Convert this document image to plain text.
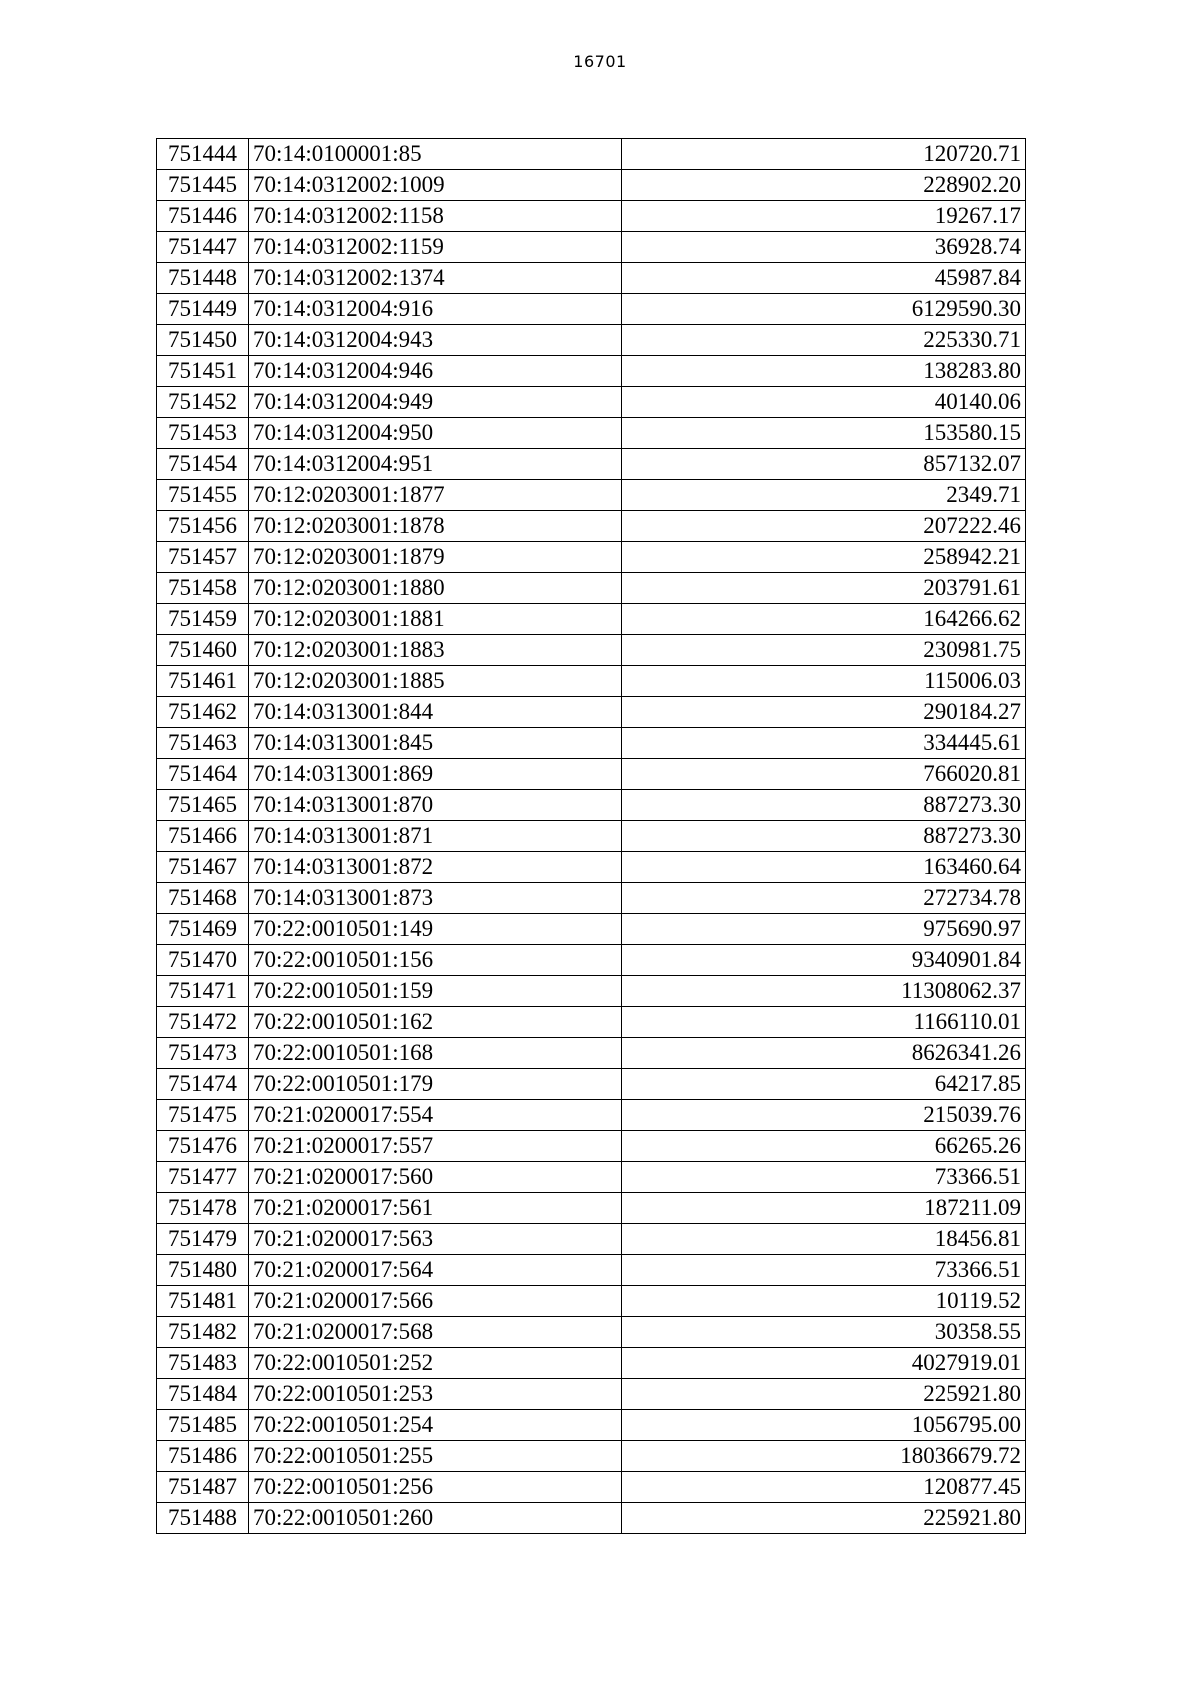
16701
751444	70:14:0100001:85	120720.71
751445	70:14:0312002:1009	228902.20
751446	70:14:0312002:1158	19267.17
751447	70:14:0312002:1159	36928.74
751448	70:14:0312002:1374	45987.84
751449	70:14:0312004:916	6129590.30
751450	70:14:0312004:943	225330.71
751451	70:14:0312004:946	138283.80
751452	70:14:0312004:949	40140.06
751453	70:14:0312004:950	153580.15
751454	70:14:0312004:951	857132.07
751455	70:12:0203001:1877	2349.71
751456	70:12:0203001:1878	207222.46
751457	70:12:0203001:1879	258942.21
751458	70:12:0203001:1880	203791.61
751459	70:12:0203001:1881	164266.62
751460	70:12:0203001:1883	230981.75
751461	70:12:0203001:1885	115006.03
751462	70:14:0313001:844	290184.27
751463	70:14:0313001:845	334445.61
751464	70:14:0313001:869	766020.81
751465	70:14:0313001:870	887273.30
751466	70:14:0313001:871	887273.30
751467	70:14:0313001:872	163460.64
751468	70:14:0313001:873	272734.78
751469	70:22:0010501:149	975690.97
751470	70:22:0010501:156	9340901.84
751471	70:22:0010501:159	11308062.37
751472	70:22:0010501:162	1166110.01
751473	70:22:0010501:168	8626341.26
751474	70:22:0010501:179	64217.85
751475	70:21:0200017:554	215039.76
751476	70:21:0200017:557	66265.26
751477	70:21:0200017:560	73366.51
751478	70:21:0200017:561	187211.09
751479	70:21:0200017:563	18456.81
751480	70:21:0200017:564	73366.51
751481	70:21:0200017:566	10119.52
751482	70:21:0200017:568	30358.55
751483	70:22:0010501:252	4027919.01
751484	70:22:0010501:253	225921.80
751485	70:22:0010501:254	1056795.00
751486	70:22:0010501:255	18036679.72
751487	70:22:0010501:256	120877.45
751488	70:22:0010501:260	225921.80
